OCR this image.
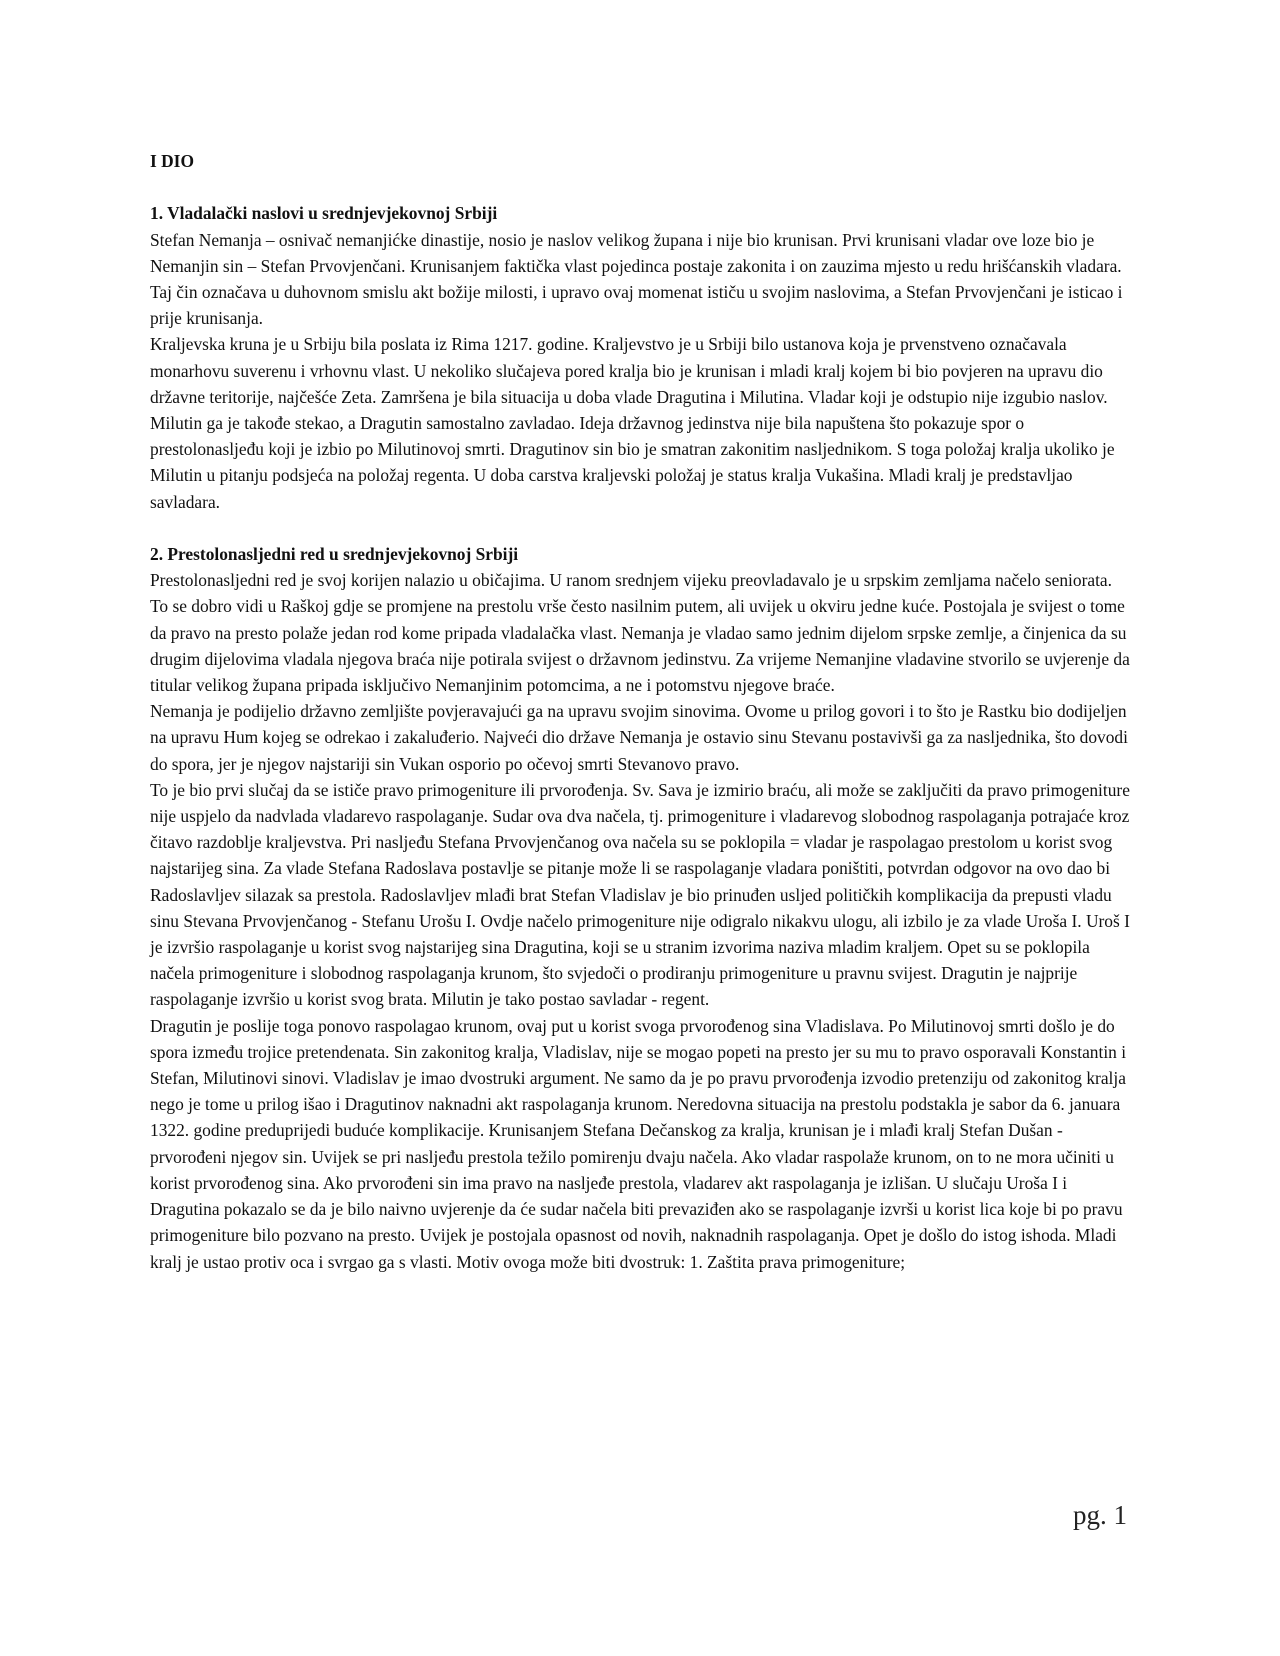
I DIO

1. Vladalački naslovi u srednjevjekovnoj Srbiji

Stefan Nemanja – osnivač nemanjićke dinastije, nosio je naslov velikog župana i nije bio krunisan. Prvi krunisani vladar ove loze bio je Nemanjin sin – Stefan Prvovjenčani. Krunisanjem faktička vlast pojedinca postaje zakonita i on zauzima mjesto u redu hrišćanskih vladara. Taj čin označava u duhovnom smislu akt božije milosti, i upravo ovaj momenat ističu u svojim naslovima, a Stefan Prvovjenčani je isticao i prije krunisanja.

Kraljevska kruna je u Srbiju bila poslata iz Rima 1217. godine. Kraljevstvo je u Srbiji bilo ustanova koja je prvenstveno označavala monarhovu suverenu i vrhovnu vlast. U nekoliko slučajeva pored kralja bio je krunisan i mladi kralj kojem bi bio povjeren na upravu dio državne teritorije, najčešće Zeta. Zamršena je bila situacija u doba vlade Dragutina i Milutina. Vladar koji je odstupio nije izgubio naslov. Milutin ga je takođe stekao, a Dragutin samostalno zavladao. Ideja državnog jedinstva nije bila napuštena što pokazuje spor o prestolonasljeđu koji je izbio po Milutinovoj smrti. Dragutinov sin bio je smatran zakonitim nasljednikom. S toga položaj kralja ukoliko je Milutin u pitanju podsjeća na položaj regenta. U doba carstva kraljevski položaj je status kralja Vukašina. Mladi kralj je predstavljao savladara.

2. Prestolonasljedni red u srednjevjekovnoj Srbiji

Prestolonasljedni red je svoj korijen nalazio u običajima. U ranom srednjem vijeku preovladavalo je u srpskim zemljama načelo seniorata. To se dobro vidi u Raškoj gdje se promjene na prestolu vrše često nasilnim putem, ali uvijek u okviru jedne kuće. Postojala je svijest o tome da pravo na presto polaže jedan rod kome pripada vladalačka vlast. Nemanja je vladao samo jednim dijelom srpske zemlje, a činjenica da su drugim dijelovima vladala njegova braća nije potirala svijest o državnom jedinstvu. Za vrijeme Nemanjine vladavine stvorilo se uvjerenje da titular velikog župana pripada isključivo Nemanjinim potomcima, a ne i potomstvu njegove braće.

Nemanja je podijelio državno zemljište povjeravajući ga na upravu svojim sinovima. Ovome u prilog govori i to što je Rastku bio dodijeljen na upravu Hum kojeg se odrekao i zakaluđerio. Najveći dio države Nemanja je ostavio sinu Stevanu postavivši ga za nasljednika, što dovodi do spora, jer je njegov najstariji sin Vukan osporio po očevoj smrti Stevanovo pravo.

To je bio prvi slučaj da se ističe pravo primogeniture ili prvorođenja. Sv. Sava je izmirio braću, ali može se zaključiti da pravo primogeniture nije uspjelo da nadvlada vladarevo raspolaganje. Sudar ova dva načela, tj. primogeniture i vladarevog slobodnog raspolaganja potrajaće kroz čitavo razdoblje kraljevstva. Pri nasljeđu Stefana Prvovjenčanog ova načela su se poklopila = vladar je raspolagao prestolom u korist svog najstarijeg sina. Za vlade Stefana Radoslava postavlje se pitanje može li se raspolaganje vladara poništiti, potvrdan odgovor na ovo dao bi Radoslavljev silazak sa prestola. Radoslavljev mlađi brat Stefan Vladislav je bio prinuđen usljed političkih komplikacija da prepusti vladu sinu Stevana Prvovjenčanog - Stefanu Urošu I. Ovdje načelo primogeniture nije odigralo nikakvu ulogu, ali izbilo je za vlade Uroša I. Uroš I je izvršio raspolaganje u korist svog najstarijeg sina Dragutina, koji se u stranim izvorima naziva mladim kraljem. Opet su se poklopila načela primogeniture i slobodnog raspolaganja krunom, što svjedoči o prodiranju primogeniture u pravnu svijest. Dragutin je najprije raspolaganje izvršio u korist svog brata. Milutin je tako postao savladar - regent.

Dragutin je poslije toga ponovo raspolagao krunom, ovaj put u korist svoga prvorođenog sina Vladislava. Po Milutinovoj smrti došlo je do spora između trojice pretendenata. Sin zakonitog kralja, Vladislav, nije se mogao popeti na presto jer su mu to pravo osporavali Konstantin i Stefan, Milutinovi sinovi. Vladislav je imao dvostruki argument. Ne samo da je po pravu prvorođenja izvodio pretenziju od zakonitog kralja nego je tome u prilog išao i Dragutinov naknadni akt raspolaganja krunom. Neredovna situacija na prestolu podstakla je sabor da 6. januara 1322. godine preduprijedi buduće komplikacije. Krunisanjem Stefana Dečanskog za kralja, krunisan je i mlađi kralj Stefan Dušan - prvorođeni njegov sin. Uvijek se pri nasljeđu prestola težilo pomirenju dvaju načela. Ako vladar raspolaže krunom, on to ne mora učiniti u korist prvorođenog sina. Ako prvorođeni sin ima pravo na nasljeđe prestola, vladarev akt raspolaganja je izlišan. U slučaju Uroša I i Dragutina pokazalo se da je bilo naivno uvjerenje da će sudar načela biti prevaziđen ako se raspolaganje izvrši u korist lica koje bi po pravu primogeniture bilo pozvano na presto. Uvijek je postojala opasnost od novih, naknadnih raspolaganja. Opet je došlo do istog ishoda. Mladi kralj je ustao protiv oca i svrgao ga s vlasti. Motiv ovoga može biti dvostruk: 1. Zaštita prava primogeniture;

pg. 1
